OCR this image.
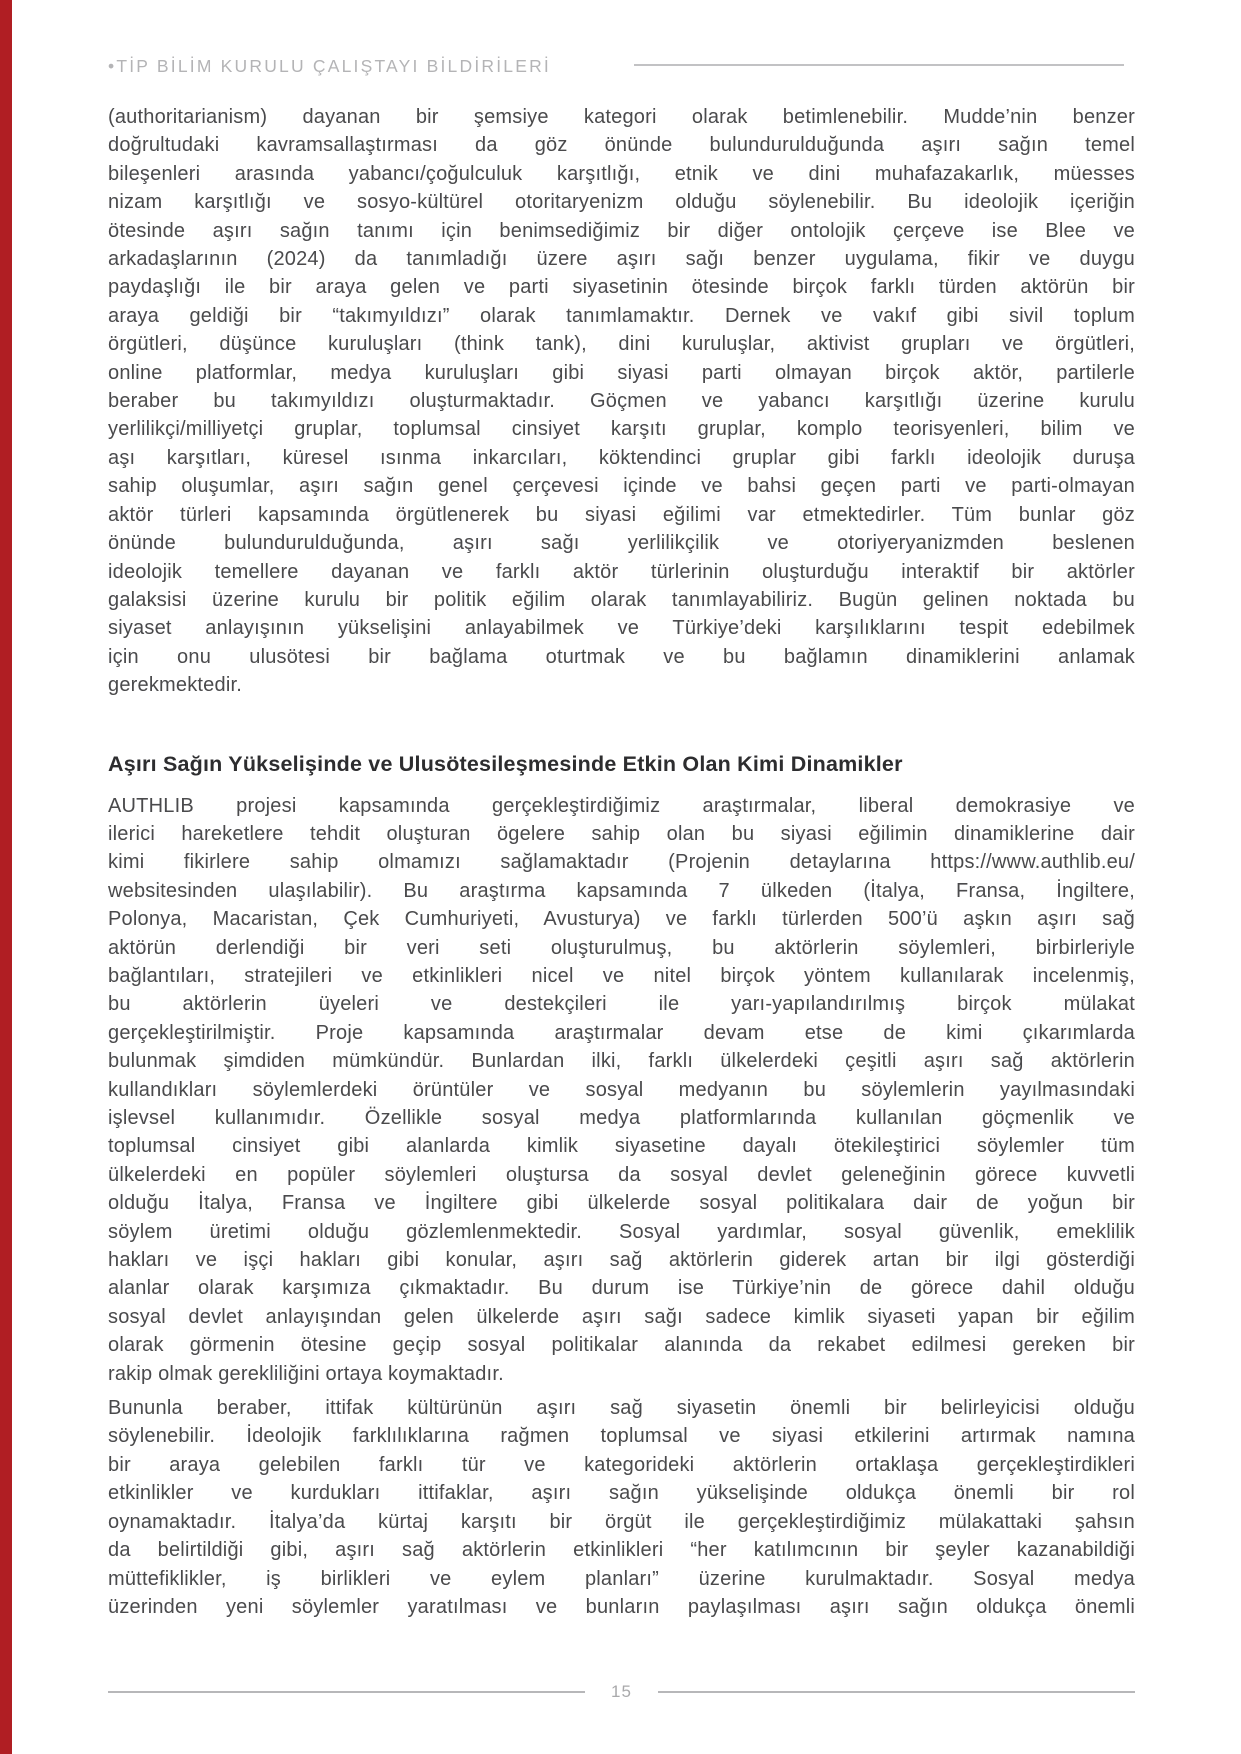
•TİP BİLİM KURULU ÇALIŞTAYI BİLDİRİLERİ
(authoritarianism) dayanan bir şemsiye kategori olarak betimlenebilir. Mudde’nin benzer
doğrultudaki kavramsallaştırması da göz önünde bulundurulduğunda aşırı sağın temel
bileşenleri arasında yabancı/çoğulculuk karşıtlığı, etnik ve dini muhafazakarlık, müesses
nizam karşıtlığı ve sosyo-kültürel otoritaryenizm olduğu söylenebilir. Bu ideolojik içeriğin
ötesinde aşırı sağın tanımı için benimsediğimiz bir diğer ontolojik çerçeve ise Blee ve
arkadaşlarının (2024) da tanımladığı üzere aşırı sağı benzer uygulama, fikir ve duygu
paydaşlığı ile bir araya gelen ve parti siyasetinin ötesinde birçok farklı türden aktörün bir
araya geldiği bir “takımyıldızı” olarak tanımlamaktır. Dernek ve vakıf gibi sivil toplum
örgütleri, düşünce kuruluşları (think tank), dini kuruluşlar, aktivist grupları ve örgütleri,
online platformlar, medya kuruluşları gibi siyasi parti olmayan birçok aktör, partilerle
beraber bu takımyıldızı oluşturmaktadır. Göçmen ve yabancı karşıtlığı üzerine kurulu
yerlilikçi/milliyetçi gruplar, toplumsal cinsiyet karşıtı gruplar, komplo teorisyenleri, bilim ve
aşı karşıtları, küresel ısınma inkarcıları, köktendinci gruplar gibi farklı ideolojik duruşa
sahip oluşumlar, aşırı sağın genel çerçevesi içinde ve bahsi geçen parti ve parti-olmayan
aktör türleri kapsamında örgütlenerek bu siyasi eğilimi var etmektedirler. Tüm bunlar göz
önünde bulundurulduğunda, aşırı sağı yerlilikçilik ve otoriyeryanizmden beslenen
ideolojik temellere dayanan ve farklı aktör türlerinin oluşturduğu interaktif bir aktörler
galaksisi üzerine kurulu bir politik eğilim olarak tanımlayabiliriz. Bugün gelinen noktada bu
siyaset anlayışının yükselişini anlayabilmek ve Türkiye’deki karşılıklarını tespit edebilmek
için onu ulusötesi bir bağlama oturtmak ve bu bağlamın dinamiklerini anlamak
gerekmektedir.
Aşırı Sağın Yükselişinde ve Ulusötesileşmesinde Etkin Olan Kimi Dinamikler
AUTHLIB projesi kapsamında gerçekleştirdiğimiz araştırmalar, liberal demokrasiye ve
ilerici hareketlere tehdit oluşturan ögelere sahip olan bu siyasi eğilimin dinamiklerine dair
kimi fikirlere sahip olmamızı sağlamaktadır (Projenin detaylarına https://www.authlib.eu/
websitesinden ulaşılabilir). Bu araştırma kapsamında 7 ülkeden (İtalya, Fransa, İngiltere,
Polonya, Macaristan, Çek Cumhuriyeti, Avusturya) ve farklı türlerden 500’ü aşkın aşırı sağ
aktörün derlendiği bir veri seti oluşturulmuş, bu aktörlerin söylemleri, birbirleriyle
bağlantıları, stratejileri ve etkinlikleri nicel ve nitel birçok yöntem kullanılarak incelenmiş,
bu aktörlerin üyeleri ve destekçileri ile yarı-yapılandırılmış birçok mülakat
gerçekleştirilmiştir. Proje kapsamında araştırmalar devam etse de kimi çıkarımlarda
bulunmak şimdiden mümkündür. Bunlardan ilki, farklı ülkelerdeki çeşitli aşırı sağ aktörlerin
kullandıkları söylemlerdeki örüntüler ve sosyal medyanın bu söylemlerin yayılmasındaki
işlevsel kullanımıdır. Özellikle sosyal medya platformlarında kullanılan göçmenlik ve
toplumsal cinsiyet gibi alanlarda kimlik siyasetine dayalı ötekileştirici söylemler tüm
ülkelerdeki en popüler söylemleri oluştursa da sosyal devlet geleneğinin görece kuvvetli
olduğu İtalya, Fransa ve İngiltere gibi ülkelerde sosyal politikalara dair de yoğun bir
söylem üretimi olduğu gözlemlenmektedir. Sosyal yardımlar, sosyal güvenlik, emeklilik
hakları ve işçi hakları gibi konular, aşırı sağ aktörlerin giderek artan bir ilgi gösterdiği
alanlar olarak karşımıza çıkmaktadır. Bu durum ise Türkiye’nin de görece dahil olduğu
sosyal devlet anlayışından gelen ülkelerde aşırı sağı sadece kimlik siyaseti yapan bir eğilim
olarak görmenin ötesine geçip sosyal politikalar alanında da rekabet edilmesi gereken bir
rakip olmak gerekliliğini ortaya koymaktadır.
Bununla beraber, ittifak kültürünün aşırı sağ siyasetin önemli bir belirleyicisi olduğu
söylenebilir. İdeolojik farklılıklarına rağmen toplumsal ve siyasi etkilerini artırmak namına
bir araya gelebilen farklı tür ve kategorideki aktörlerin ortaklaşa gerçekleştirdikleri
etkinlikler ve kurdukları ittifaklar, aşırı sağın yükselişinde oldukça önemli bir rol
oynamaktadır. İtalya’da kürtaj karşıtı bir örgüt ile gerçekleştirdiğimiz mülakattaki şahsın
da belirtildiği gibi, aşırı sağ aktörlerin etkinlikleri “her katılımcının bir şeyler kazanabildiği
müttefiklikler, iş birlikleri ve eylem planları” üzerine kurulmaktadır. Sosyal medya
üzerinden yeni söylemler yaratılması ve bunların paylaşılması aşırı sağın oldukça önemli
15
